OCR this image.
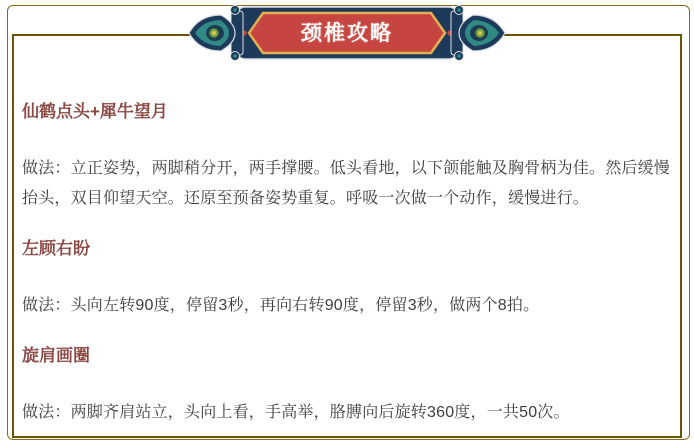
颈椎攻略
仙鹤点头+犀牛望月

做法：立正姿势，两脚稍分开，两手撑腰。低头看地，以下颌能触及胸骨柄为佳。然后缓慢抬头，双目仰望天空。还原至预备姿势重复。呼吸一次做一个动作，缓慢进行。

左顾右盼

做法：头向左转90度，停留3秒，再向右转90度，停留3秒，做两个8拍。

旋肩画圈

做法：两脚齐肩站立，头向上看，手高举，胳膊向后旋转360度，一共50次。
